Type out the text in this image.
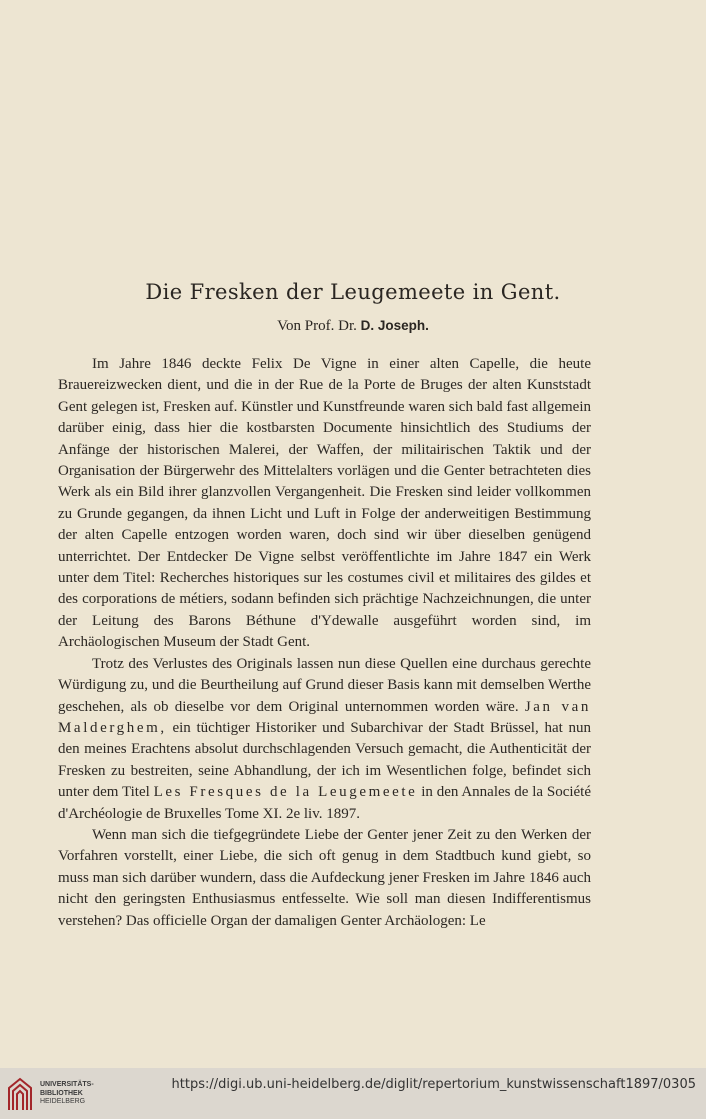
Die Fresken der Leugemeete in Gent.
Von Prof. Dr. D. Joseph.

Im Jahre 1846 deckte Felix De Vigne in einer alten Capelle, die heute Brauereizwecken dient, und die in der Rue de la Porte de Bruges der alten Kunststadt Gent gelegen ist, Fresken auf. Künstler und Kunstfreunde waren sich bald fast allgemein darüber einig, dass hier die kostbarsten Documente hinsichtlich des Studiums der Anfänge der historischen Malerei, der Waffen, der militairischen Taktik und der Organisation der Bürgerwehr des Mittelalters vorlägen und die Genter betrachteten dies Werk als ein Bild ihrer glanzvollen Vergangenheit. Die Fresken sind leider vollkommen zu Grunde gegangen, da ihnen Licht und Luft in Folge der anderweitigen Bestimmung der alten Capelle entzogen worden waren, doch sind wir über dieselben genügend unterrichtet. Der Entdecker De Vigne selbst veröffentlichte im Jahre 1847 ein Werk unter dem Titel: Recherches historiques sur les costumes civil et militaires des gildes et des corporations de métiers, sodann befinden sich prächtige Nachzeichnungen, die unter der Leitung des Barons Béthune d'Ydewalle ausgeführt worden sind, im Archäologischen Museum der Stadt Gent.

Trotz des Verlustes des Originals lassen nun diese Quellen eine durchaus gerechte Würdigung zu, und die Beurtheilung auf Grund dieser Basis kann mit demselben Werthe geschehen, als ob dieselbe vor dem Original unternommen worden wäre. Jan van Malderghem, ein tüchtiger Historiker und Subarchivar der Stadt Brüssel, hat nun den meines Erachtens absolut durchschlagenden Versuch gemacht, die Authenticität der Fresken zu bestreiten, seine Abhandlung, der ich im Wesentlichen folge, befindet sich unter dem Titel Les Fresques de la Leugemeete in den Annales de la Société d'Archéologie de Bruxelles Tome XI. 2e liv. 1897.

Wenn man sich die tiefgegründete Liebe der Genter jener Zeit zu den Werken der Vorfahren vorstellt, einer Liebe, die sich oft genug in dem Stadtbuch kund giebt, so muss man sich darüber wundern, dass die Aufdeckung jener Fresken im Jahre 1846 auch nicht den geringsten Enthusiasmus entfesselte. Wie soll man diesen Indifferentismus verstehen? Das officielle Organ der damaligen Genter Archäologen: Le

UNIVERSITÄTS-
BIBLIOTHEK
HEIDELBERG
https://digi.ub.uni-heidelberg.de/diglit/repertorium_kunstwissenschaft1897/0305
